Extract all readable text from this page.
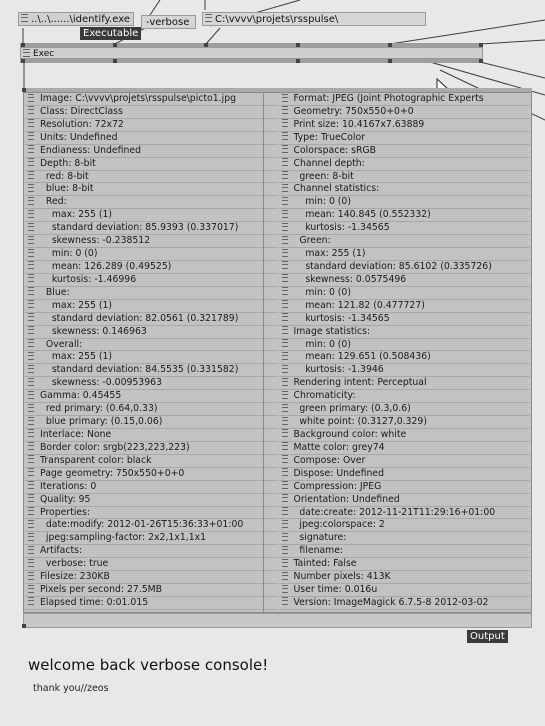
..\..\......\identify.exe
Executable
-verbose	C:\vvvv\projets\rsspulse\
Exec
Image: C:\vvvv\projets\rsspulse\picto1.jpg	Format: JPEG (Joint Photographic Experts
Class: DirectClass	Geometry: 750x550+0+0
Resolution: 72x72	Print size: 10.4167x7.63889
Units: Undefined	Type: TrueColor
Endianess: Undefined	Colorspace: sRGB
Depth: 8-bit	Channel depth:
red: 8-bit	green: 8-bit
blue: 8-bit	Channel statistics:
Red:	min: 0 (0)
max: 255 (1)	mean: 140.845 (0.552332)
standard deviation: 85.9393 (0.337017)	kurtosis: -1.34565
skewness: -0.238512	Green:
min: 0 (0)	max: 255 (1)
mean: 126.289 (0.49525)	standard deviation: 85.6102 (0.335726)
kurtosis: -1.46996	skewness: 0.0575496
Blue:	min: 0 (0)
max: 255 (1)	mean: 121.82 (0.477727)
standard deviation: 82.0561 (0.321789)	kurtosis: -1.34565
skewness: 0.146963	Image statistics:
Overall:	min: 0 (0)
max: 255 (1)	mean: 129.651 (0.508436)
standard deviation: 84.5535 (0.331582)	kurtosis: -1.3946
skewness: -0.00953963	Rendering intent: Perceptual
Gamma: 0.45455	Chromaticity:
red primary: (0.64,0.33)	green primary: (0.3,0.6)
blue primary: (0.15,0.06)	white point: (0.3127,0.329)
Interlace: None	Background color: white
Border color: srgb(223,223,223)	Matte color: grey74
Transparent color: black	Compose: Over
Page geometry: 750x550+0+0	Dispose: Undefined
Iterations: 0	Compression: JPEG
Quality: 95	Orientation: Undefined
Properties:	date:create: 2012-11-21T11:29:16+01:00
date:modify: 2012-01-26T15:36:33+01:00	jpeg:colorspace: 2
jpeg:sampling-factor: 2x2,1x1,1x1	signature:
Artifacts:	filename:
verbose: true	Tainted: False
Filesize: 230KB	Number pixels: 413K
Pixels per second: 27.5MB	User time: 0.016u
Elapsed time: 0:01.015	Version: ImageMagick 6.7.5-8 2012-03-02
Output
welcome back verbose console!
thank you//zeos
